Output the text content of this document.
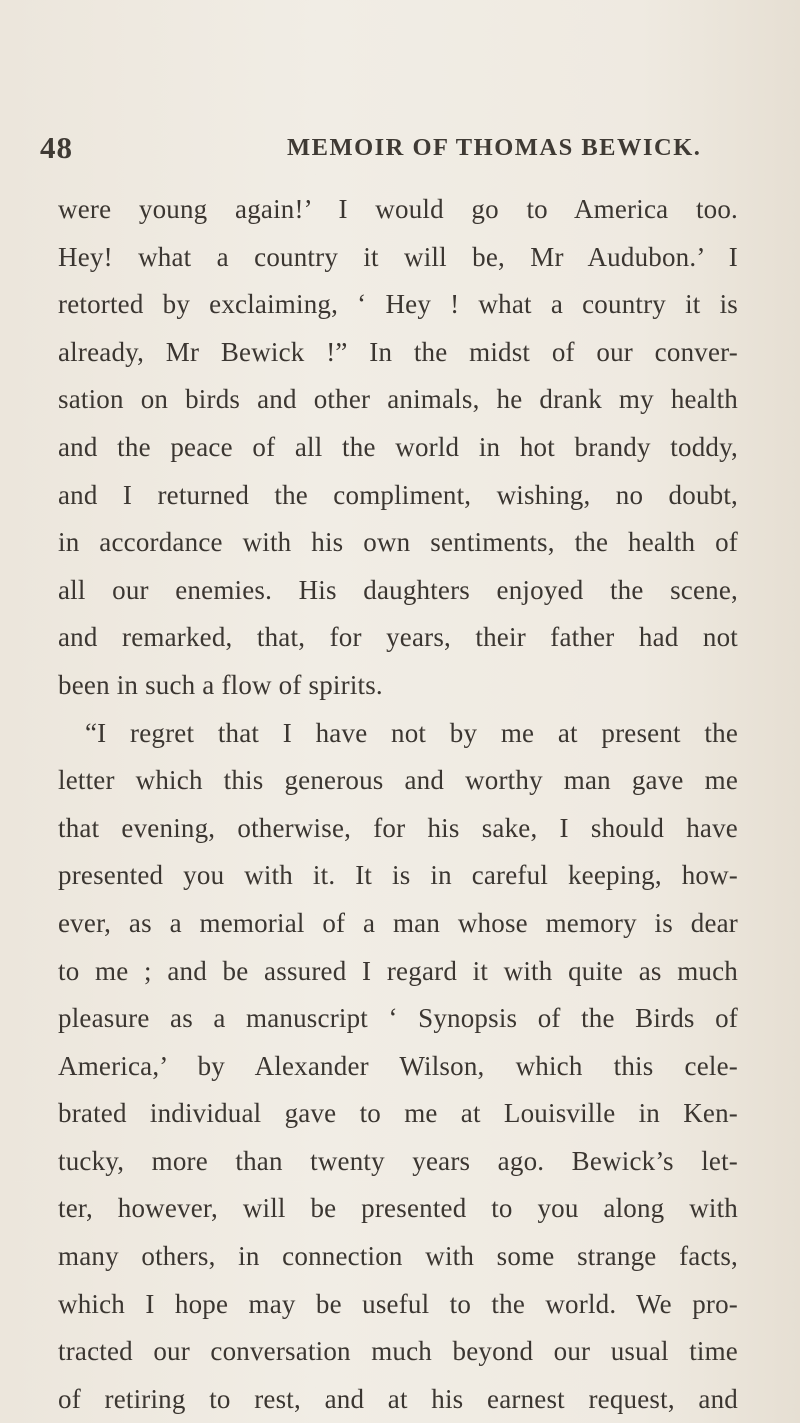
48	MEMOIR OF THOMAS BEWICK.
were young again!’ I would go to America too.
Hey! what a country it will be, Mr Audubon.’ I
retorted by exclaiming, ‘ Hey ! what a country it is
already, Mr Bewick !” In the midst of our conver-
sation on birds and other animals, he drank my health
and the peace of all the world in hot brandy toddy,
and I returned the compliment, wishing, no doubt,
in accordance with his own sentiments, the health of
all our enemies. His daughters enjoyed the scene,
and remarked, that, for years, their father had not
been in such a flow of spirits.
“I regret that I have not by me at present the
letter which this generous and worthy man gave me
that evening, otherwise, for his sake, I should have
presented you with it. It is in careful keeping, how-
ever, as a memorial of a man whose memory is dear
to me ; and be assured I regard it with quite as much
pleasure as a manuscript ‘ Synopsis of the Birds of
America,’ by Alexander Wilson, which this cele-
brated individual gave to me at Louisville in Ken-
tucky, more than twenty years ago. Bewick’s let-
ter, however, will be presented to you along with
many others, in connection with some strange facts,
which I hope may be useful to the world. We pro-
tracted our conversation much beyond our usual time
of retiring to rest, and at his earnest request, and
